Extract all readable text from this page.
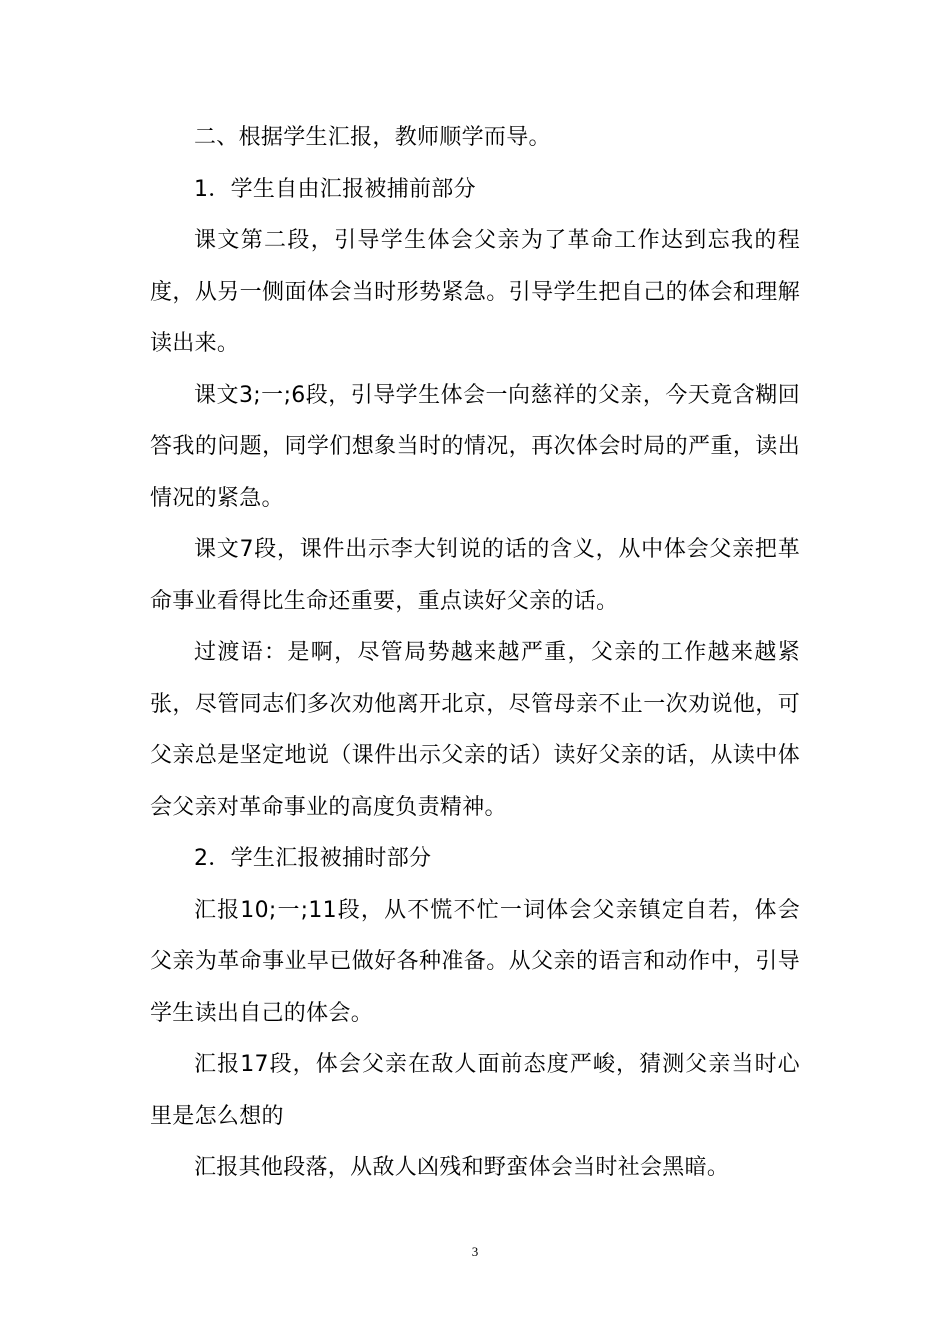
二、根据学生汇报，教师顺学而导。

1．学生自由汇报被捕前部分

课文第二段，引导学生体会父亲为了革命工作达到忘我的程度，从另一侧面体会当时形势紧急。引导学生把自己的体会和理解读出来。

课文3;一;6段，引导学生体会一向慈祥的父亲，今天竟含糊回答我的问题，同学们想象当时的情况，再次体会时局的严重，读出情况的紧急。

课文7段，课件出示李大钊说的话的含义，从中体会父亲把革命事业看得比生命还重要，重点读好父亲的话。

过渡语：是啊，尽管局势越来越严重，父亲的工作越来越紧张，尽管同志们多次劝他离开北京，尽管母亲不止一次劝说他，可父亲总是坚定地说（课件出示父亲的话）读好父亲的话，从读中体会父亲对革命事业的高度负责精神。

2．学生汇报被捕时部分

汇报10;一;11段，从不慌不忙一词体会父亲镇定自若，体会父亲为革命事业早已做好各种准备。从父亲的语言和动作中，引导学生读出自己的体会。

汇报17段，体会父亲在敌人面前态度严峻，猜测父亲当时心里是怎么想的

汇报其他段落，从敌人凶残和野蛮体会当时社会黑暗。

3
